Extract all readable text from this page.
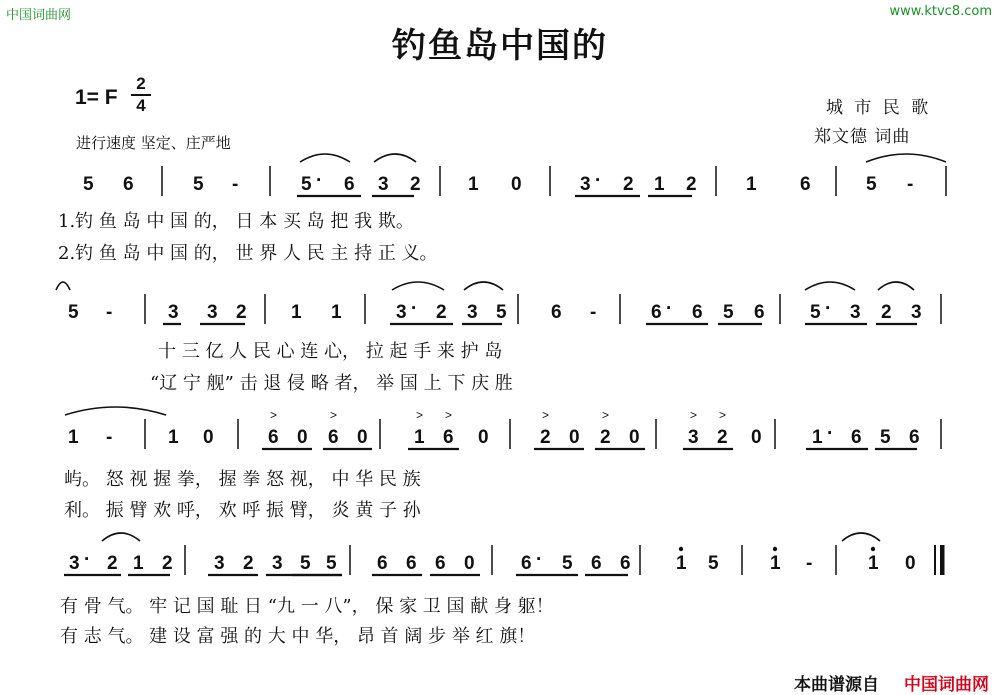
中国词曲网	www.ktvc8.com
钓鱼岛中国的
1= F
2
4
进行速度 坚定、庄严地
城 市 民 歌
郑文德 词曲
1.钓 鱼 岛 中 国 的， 日 本 买 岛 把 我 欺。
2.钓 鱼 岛 中 国 的， 世 界 人 民 主 持 正 义。
十 三 亿 人 民 心 连 心， 拉 起 手 来 护 岛
“辽 宁 舰” 击 退 侵 略 者， 举 国 上 下 庆 胜
屿。 怒 视 握 拳， 握 拳 怒 视， 中 华 民 族
利。 振 臂 欢 呼， 欢 呼 振 臂， 炎 黄 子 孙
有 骨 气。 牢 记 国 耻 日 “九 一 八”， 保 家 卫 国 献 身 躯！
有 志 气。 建 设 富 强 的 大 中 华， 昂 首 阔 步 举 红 旗！
本曲谱源自 中国词曲网
5 6	5 -	5 · 6 3 2 1 0	3 · 2 1 2	1 6	5 -
5 -	3 3 2 1 1	3 · 2 3 5 6 -	6 · 6 5 6 5 · 3 2 3
1 -	1 0	6 0 6 0 1 6 0	2 0 2 0	3 2 0	1 · 6 5 6
>	>	> >	>	>	> >
3 · 2 1 2 3 2 3 5 5 6 6 6 0 6 · 5 6 6 1 5	1 -	1 0
